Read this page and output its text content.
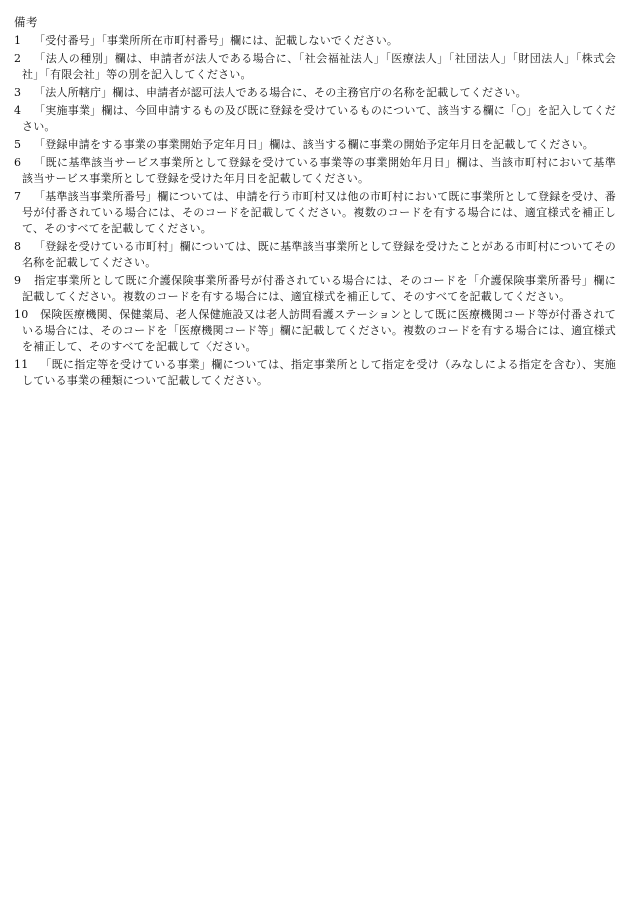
備考
1 「受付番号」「事業所所在市町村番号」欄には、記載しないでください。
2 「法人の種別」欄は、申請者が法人である場合に、「社会福祉法人」「医療法人」「社団法人」「財団法人」「株式会社」「有限会社」等の別を記入してください。
3 「法人所轄庁」欄は、申請者が認可法人である場合に、その主務官庁の名称を記載してください。
4 「実施事業」欄は、今回申請するもの及び既に登録を受けているものについて、該当する欄に「○」を記入してください。
5 「登録申請をする事業の事業開始予定年月日」欄は、該当する欄に事業の開始予定年月日を記載してください。
6 「既に基準該当サービス事業所として登録を受けている事業等の事業開始年月日」欄は、当該市町村において基準該当サービス事業所として登録を受けた年月日を記載してください。
7 「基準該当事業所番号」欄については、申請を行う市町村又は他の市町村において既に事業所として登録を受け、番号が付番されている場合には、そのコードを記載してください。複数のコードを有する場合には、適宜様式を補正して、そのすべてを記載してください。
8 「登録を受けている市町村」欄については、既に基準該当事業所として登録を受けたことがある市町村についてその名称を記載してください。
9 指定事業所として既に介護保険事業所番号が付番されている場合には、そのコードを「介護保険事業所番号」欄に記載してください。複数のコードを有する場合には、適宜様式を補正して、そのすべてを記載してください。
10 保険医療機関、保健薬局、老人保健施設又は老人訪問看護ステーションとして既に医療機関コード等が付番されている場合には、そのコードを「医療機関コード等」欄に記載してください。複数のコードを有する場合には、適宜様式を補正して、そのすべてを記載して〈ださい。
11 「既に指定等を受けている事業」欄については、指定事業所として指定を受け（みなしによる指定を含む）、実施している事業の種類について記載してください。
